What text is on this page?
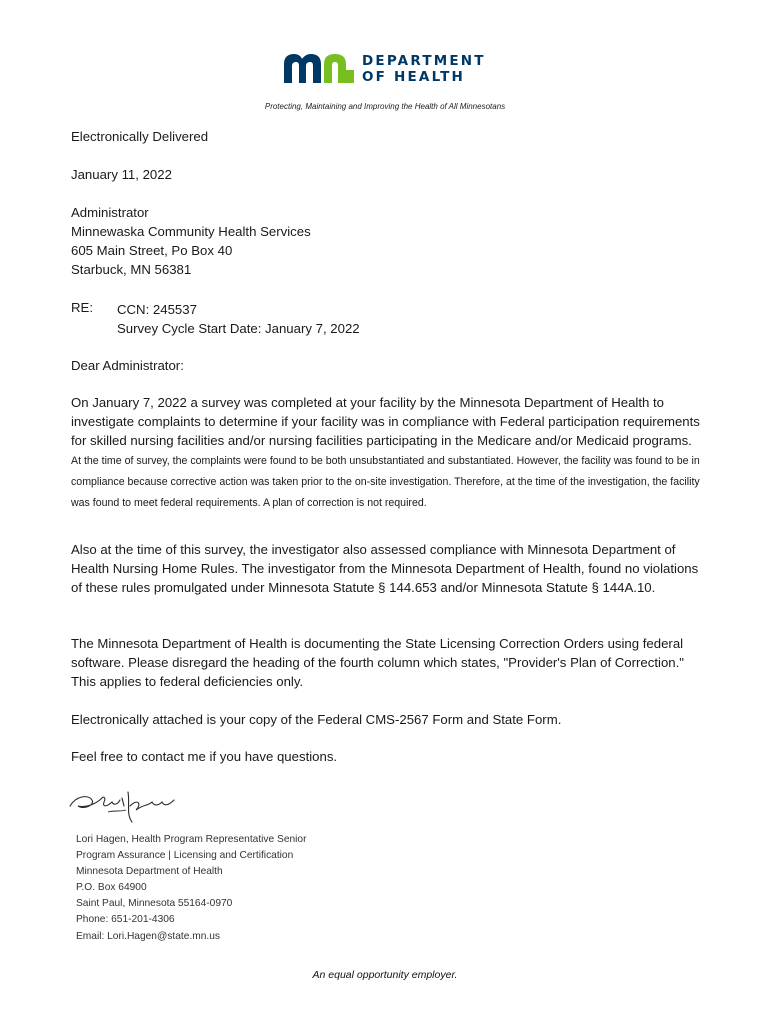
DEPARTMENT
OF HEALTH
Protecting, Maintaining and Improving the Health of All Minnesotans
Electronically Delivered
January 11, 2022
Administrator
Minnewaska Community Health Services
605 Main Street, Po Box 40
Starbuck, MN 56381
RE: CCN: 245537
Survey Cycle Start Date: January 7, 2022
Dear Administrator:
On January 7, 2022 a survey was completed at your facility by the Minnesota Department of Health to investigate complaints to determine if your facility was in compliance with Federal participation requirements for skilled nursing facilities and/or nursing facilities participating in the Medicare and/or Medicaid programs. At the time of survey, the complaints were found to be both unsubstantiated and substantiated. However, the facility was found to be in compliance because corrective action was taken prior to the on-site investigation. Therefore, at the time of the investigation, the facility was found to meet federal requirements. A plan of correction is not required.
Also at the time of this survey, the investigator also assessed compliance with Minnesota Department of Health Nursing Home Rules. The investigator from the Minnesota Department of Health, found no violations of these rules promulgated under Minnesota Statute § 144.653 and/or Minnesota Statute § 144A.10.
The Minnesota Department of Health is documenting the State Licensing Correction Orders using federal software. Please disregard the heading of the fourth column which states, "Provider's Plan of Correction." This applies to federal deficiencies only.
Electronically attached is your copy of the Federal CMS-2567 Form and State Form.
Feel free to contact me if you have questions.
Lori Hagen, Health Program Representative Senior
Program Assurance | Licensing and Certification
Minnesota Department of Health
P.O. Box 64900
Saint Paul, Minnesota 55164-0970
Phone: 651-201-4306
Email: Lori.Hagen@state.mn.us
An equal opportunity employer.
